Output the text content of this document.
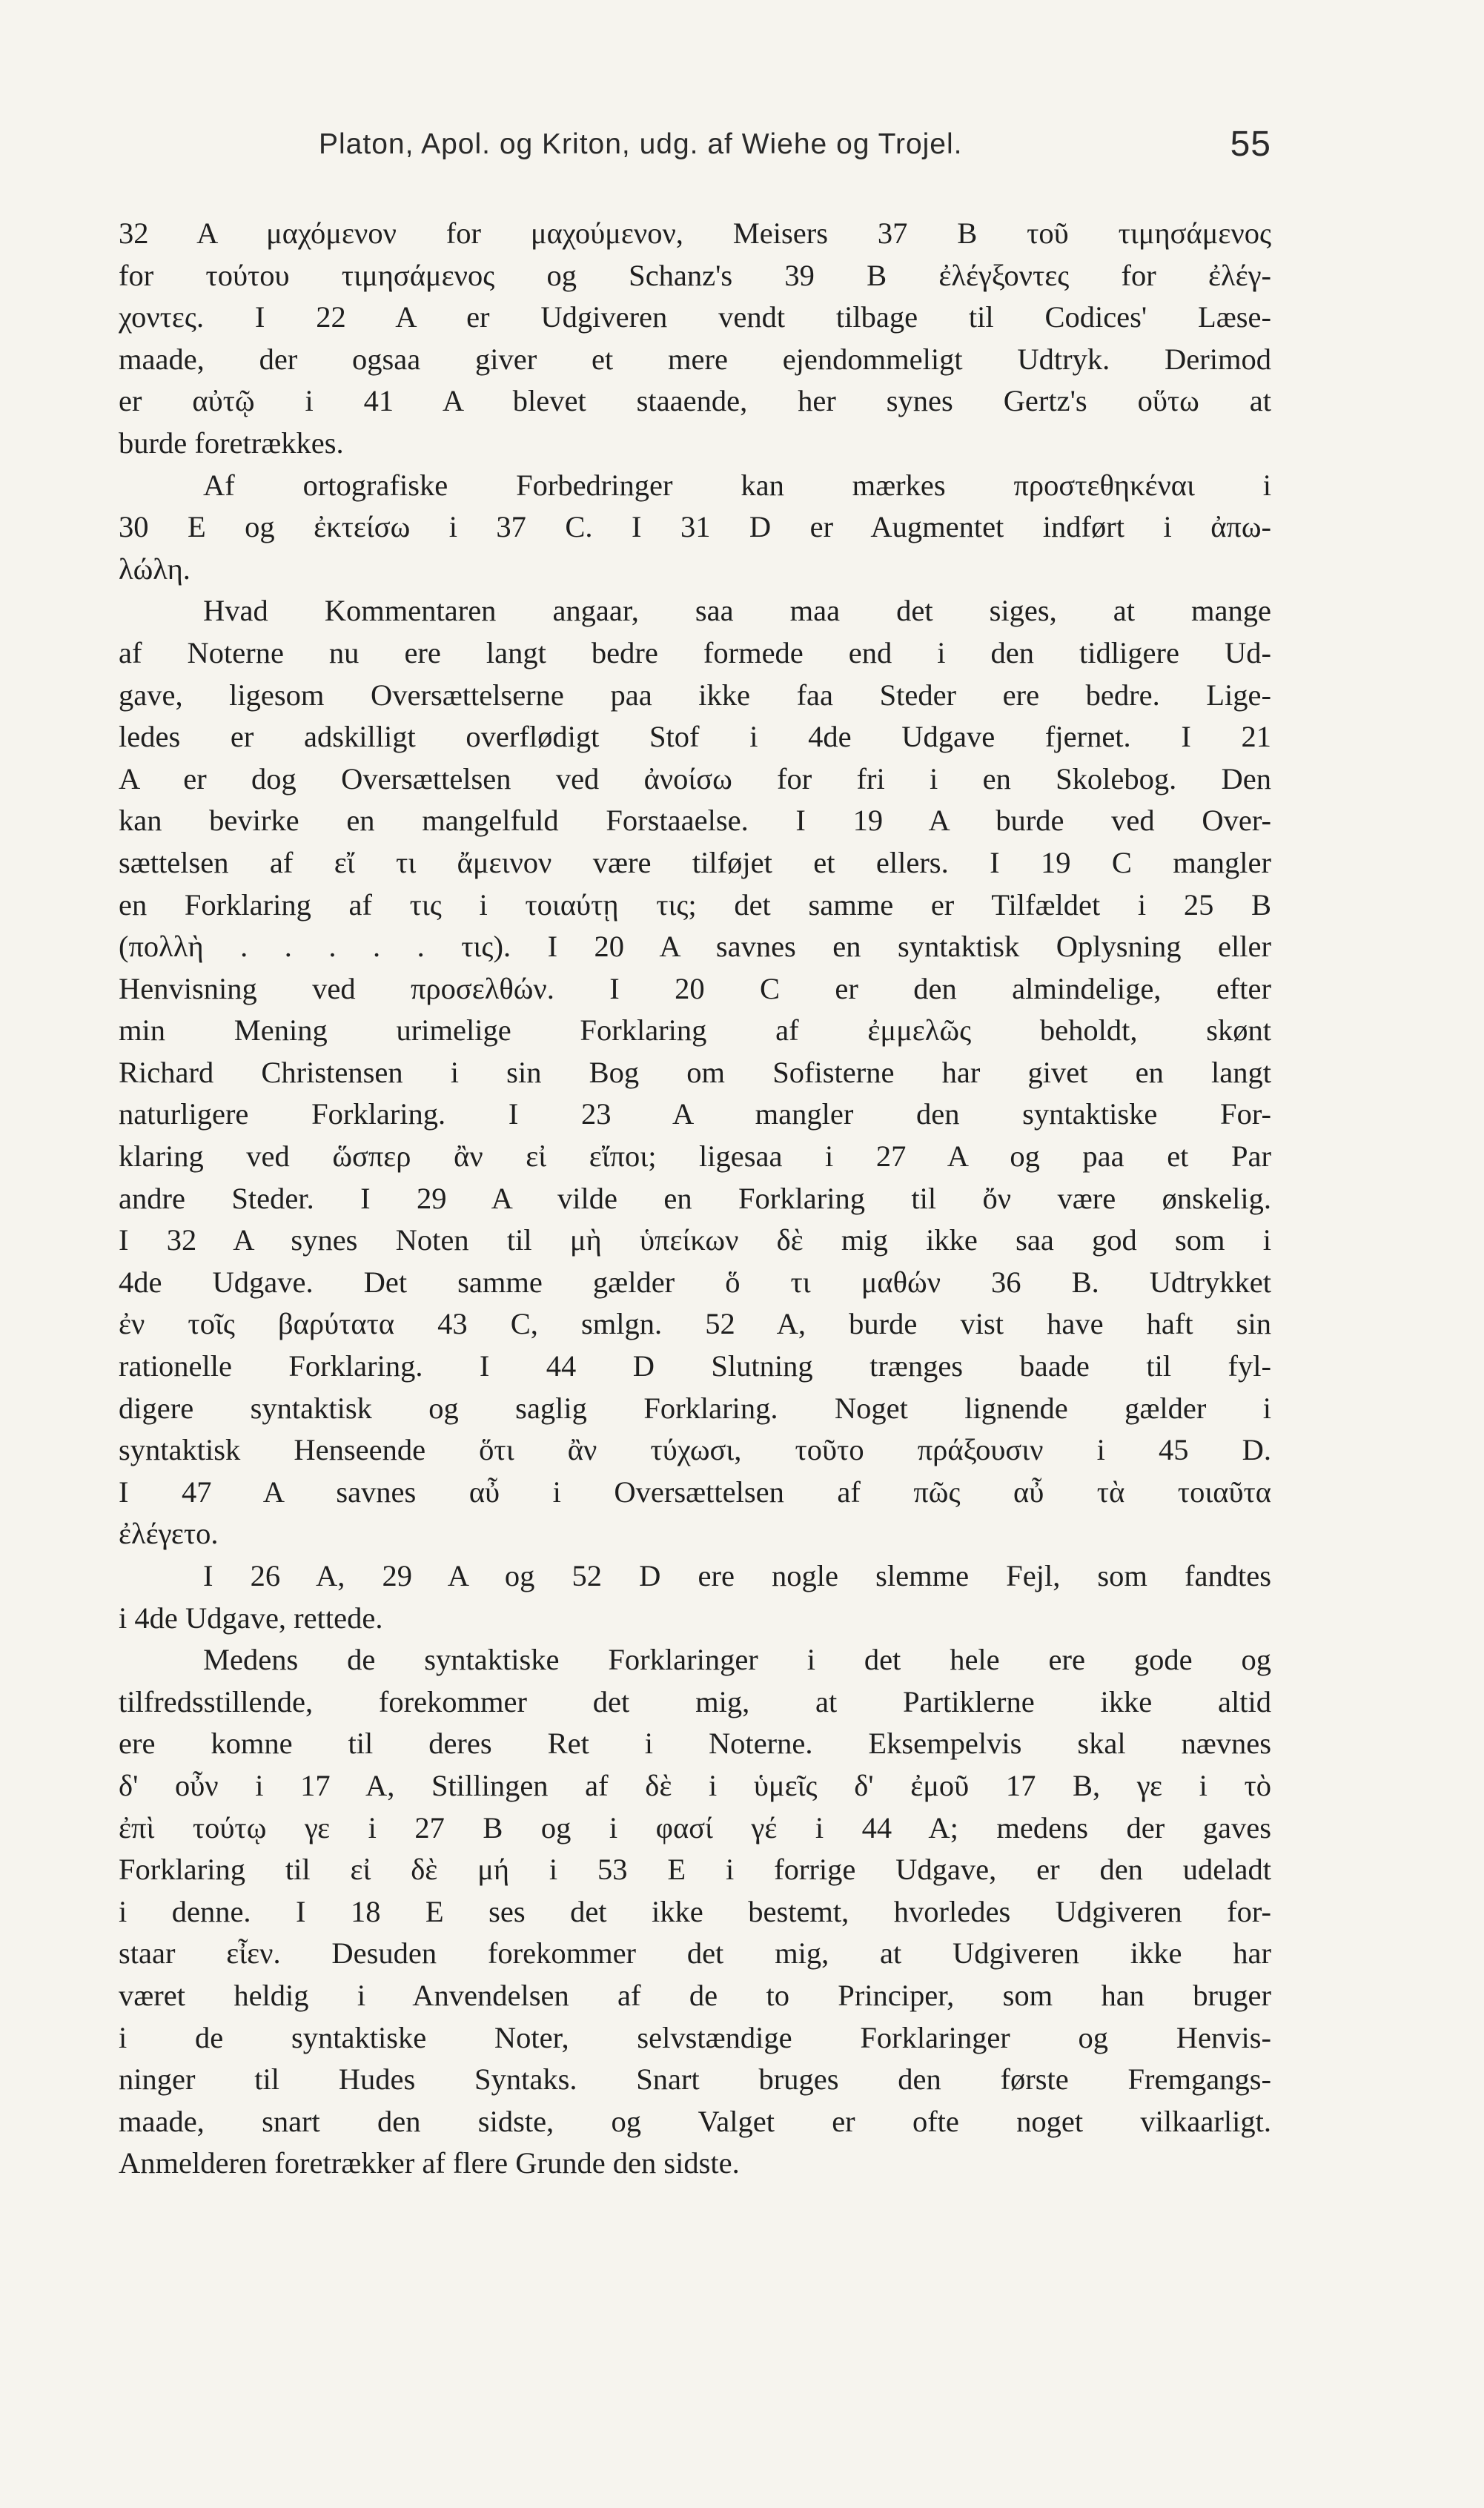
Platon, Apol. og Kriton, udg. af Wiehe og Trojel.	55
32 A μαχόμενον for μαχούμενον, Meisers 37 B τοῦ τιμησάμενος
for τούτου τιμησάμενος og Schanz's 39 B ἐλέγξοντες for ἐλέγ-
χοντες. I 22 A er Udgiveren vendt tilbage til Codices' Læse-
maade, der ogsaa giver et mere ejendommeligt Udtryk. Derimod
er αὐτῷ i 41 A blevet staaende, her synes Gertz's οὕτω at
burde foretrækkes.
Af ortografiske Forbedringer kan mærkes προστεθηκέναι i
30 E og ἐκτείσω i 37 C. I 31 D er Augmentet indført i ἀπω-
λώλη.
Hvad Kommentaren angaar, saa maa det siges, at mange
af Noterne nu ere langt bedre formede end i den tidligere Ud-
gave, ligesom Oversættelserne paa ikke faa Steder ere bedre. Lige-
ledes er adskilligt overflødigt Stof i 4de Udgave fjernet. I 21
A er dog Oversættelsen ved ἀνοίσω for fri i en Skolebog. Den
kan bevirke en mangelfuld Forstaaelse. I 19 A burde ved Over-
sættelsen af εἴ τι ἄμεινον være tilføjet et ellers. I 19 C mangler
en Forklaring af τις i τοιαύτῃ τις; det samme er Tilfældet i 25 B
(πολλὴ . . . . . τις). I 20 A savnes en syntaktisk Oplysning eller
Henvisning ved προσελθών. I 20 C er den almindelige, efter
min Mening urimelige Forklaring af ἐμμελῶς beholdt, skønt
Richard Christensen i sin Bog om Sofisterne har givet en langt
naturligere Forklaring. I 23 A mangler den syntaktiske For-
klaring ved ὥσπερ ἂν εἰ εἴποι; ligesaa i 27 A og paa et Par
andre Steder. I 29 A vilde en Forklaring til ὄν være ønskelig.
I 32 A synes Noten til μὴ ὑπείκων δὲ mig ikke saa god som i
4de Udgave. Det samme gælder ὅ τι μαθών 36 B. Udtrykket
ἐν τοῖς βαρύτατα 43 C, smlgn. 52 A, burde vist have haft sin
rationelle Forklaring. I 44 D Slutning trænges baade til fyl-
digere syntaktisk og saglig Forklaring. Noget lignende gælder i
syntaktisk Henseende ὅτι ἂν τύχωσι, τοῦτο πράξουσιν i 45 D.
I 47 A savnes αὖ i Oversættelsen af πῶς αὖ τὰ τοιαῦτα
ἐλέγετο.
I 26 A, 29 A og 52 D ere nogle slemme Fejl, som fandtes
i 4de Udgave, rettede.
Medens de syntaktiske Forklaringer i det hele ere gode og
tilfredsstillende, forekommer det mig, at Partiklerne ikke altid
ere komne til deres Ret i Noterne. Eksempelvis skal nævnes
δ' οὖν i 17 A, Stillingen af δὲ i ὑμεῖς δ' ἐμοῦ 17 B, γε i τὸ
ἐπὶ τούτῳ γε i 27 B og i φασί γέ i 44 A; medens der gaves
Forklaring til εἰ δὲ μή i 53 E i forrige Udgave, er den udeladt
i denne. I 18 E ses det ikke bestemt, hvorledes Udgiveren for-
staar εἶεν. Desuden forekommer det mig, at Udgiveren ikke har
været heldig i Anvendelsen af de to Principer, som han bruger
i de syntaktiske Noter, selvstændige Forklaringer og Henvis-
ninger til Hudes Syntaks. Snart bruges den første Fremgangs-
maade, snart den sidste, og Valget er ofte noget vilkaarligt.
Anmelderen foretrækker af flere Grunde den sidste.
